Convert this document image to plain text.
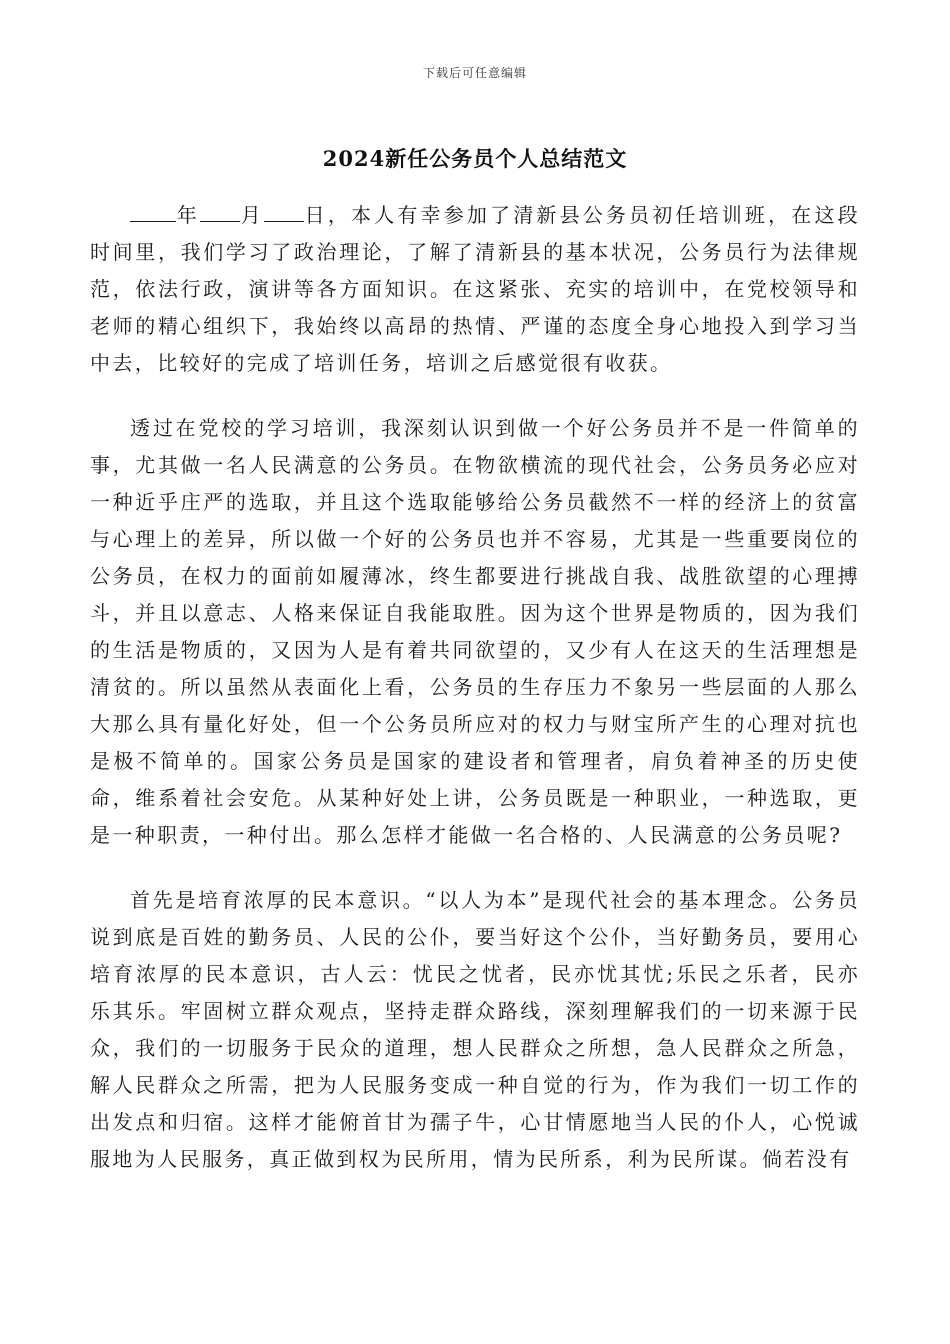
下载后可任意编辑
2024新任公务员个人总结范文

年 月 日，本人有幸参加了清新县公务员初任培训班，在这段时间里，我们学习了政治理论，了解了清新县的基本状况，公务员行为法律规范，依法行政，演讲等各方面知识。在这紧张、充实的培训中，在党校领导和老师的精心组织下，我始终以高昂的热情、严谨的态度全身心地投入到学习当中去，比较好的完成了培训任务，培训之后感觉很有收获。

透过在党校的学习培训，我深刻认识到做一个好公务员并不是一件简单的事，尤其做一名人民满意的公务员。在物欲横流的现代社会，公务员务必应对一种近乎庄严的选取，并且这个选取能够给公务员截然不一样的经济上的贫富与心理上的差异，所以做一个好的公务员也并不容易，尤其是一些重要岗位的公务员，在权力的面前如履薄冰，终生都要进行挑战自我、战胜欲望的心理搏斗，并且以意志、人格来保证自我能取胜。因为这个世界是物质的，因为我们的生活是物质的，又因为人是有着共同欲望的，又少有人在这天的生活理想是清贫的。所以虽然从表面化上看，公务员的生存压力不象另一些层面的人那么大那么具有量化好处，但一个公务员所应对的权力与财宝所产生的心理对抗也是极不简单的。国家公务员是国家的建设者和管理者，肩负着神圣的历史使命，维系着社会安危。从某种好处上讲，公务员既是一种职业，一种选取，更是一种职责，一种付出。那么怎样才能做一名合格的、人民满意的公务员呢?

首先是培育浓厚的民本意识。“以人为本”是现代社会的基本理念。公务员说到底是百姓的勤务员、人民的公仆，要当好这个公仆，当好勤务员，要用心培育浓厚的民本意识，古人云：忧民之忧者，民亦忧其忧;乐民之乐者，民亦乐其乐。牢固树立群众观点，坚持走群众路线，深刻理解我们的一切来源于民众，我们的一切服务于民众的道理，想人民群众之所想，急人民群众之所急，解人民群众之所需，把为人民服务变成一种自觉的行为，作为我们一切工作的出发点和归宿。这样才能俯首甘为孺子牛，心甘情愿地当人民的仆人，心悦诚服地为人民服务，真正做到权为民所用，情为民所系，利为民所谋。倘若没有
